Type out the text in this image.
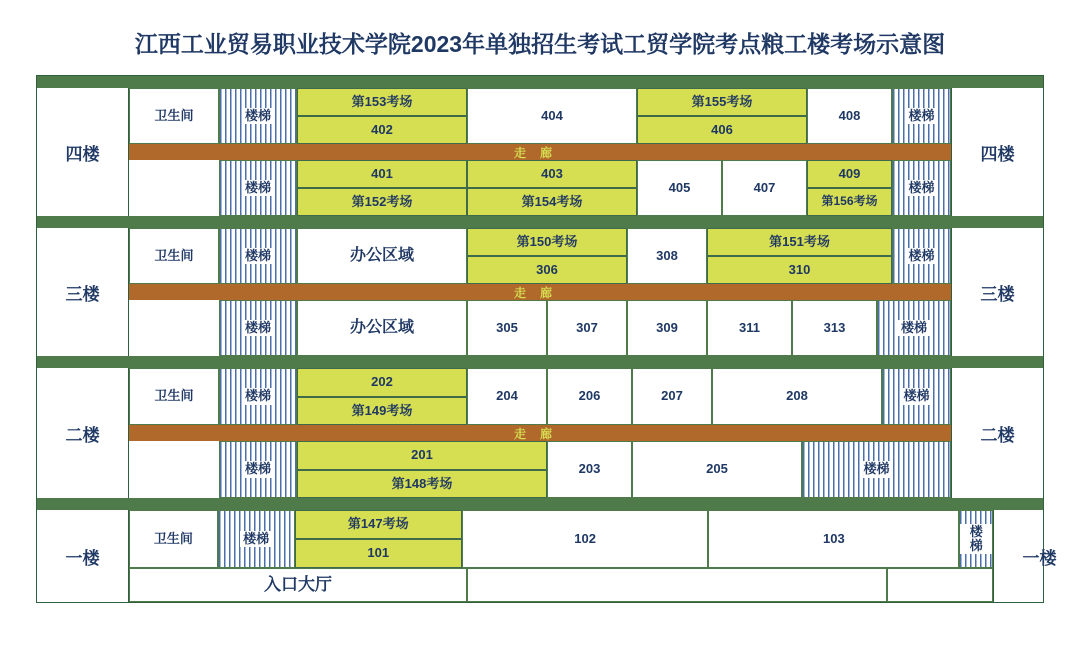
江西工业贸易职业技术学院2023年单独招生考试工贸学院考点粮工楼考场示意图
四楼
卫生间	楼梯
第153考场
402
404
第155考场
406
408	楼梯
走廊
楼梯
401
第152考场
403
第154考场
405	407
409
第156考场
楼梯
四楼
三楼
卫生间	楼梯	办公区域
第150考场
306
308
第151考场
310
楼梯
走廊
楼梯	办公区域	305	307	309	311	313	楼梯
三楼
二楼
卫生间	楼梯
202
第149考场
204	206	207	208	楼梯
走廊
楼梯
201
第148考场
203	205	楼梯
二楼
一楼
卫生间	楼梯
第147考场
101
102	103	楼梯
入口大厅
一楼
